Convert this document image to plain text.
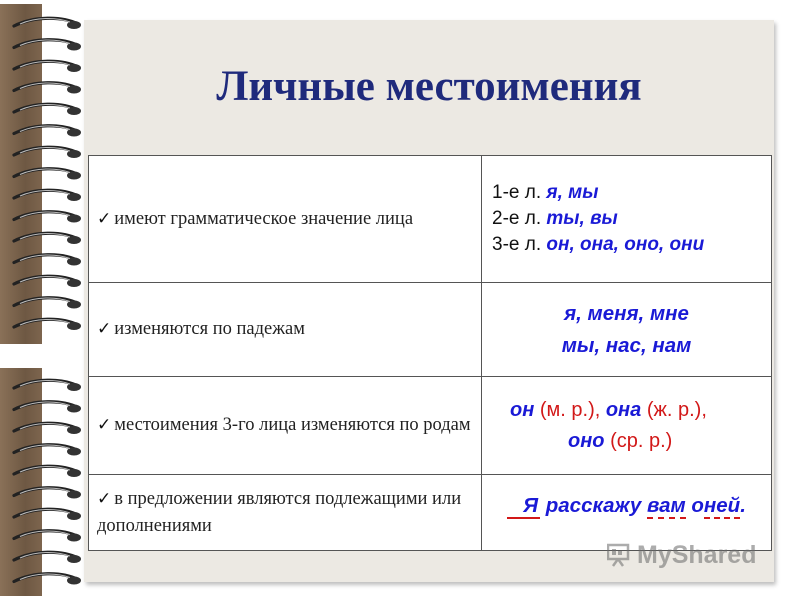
Личные местоимения
✓ имеют грамматическое значение лица
1-е л. я, мы
2-е л. ты, вы
3-е л. он, она, оно, они
✓ изменяются по падежам
я, меня, мне
мы, нас, нам
✓ местоимения 3-го лица изменяются по родам
он (м. р.), она (ж. р.),
оно (ср. р.)
✓ в предложении являются подлежащими или дополнениями
Я расскажу вам оней.
MyShared
